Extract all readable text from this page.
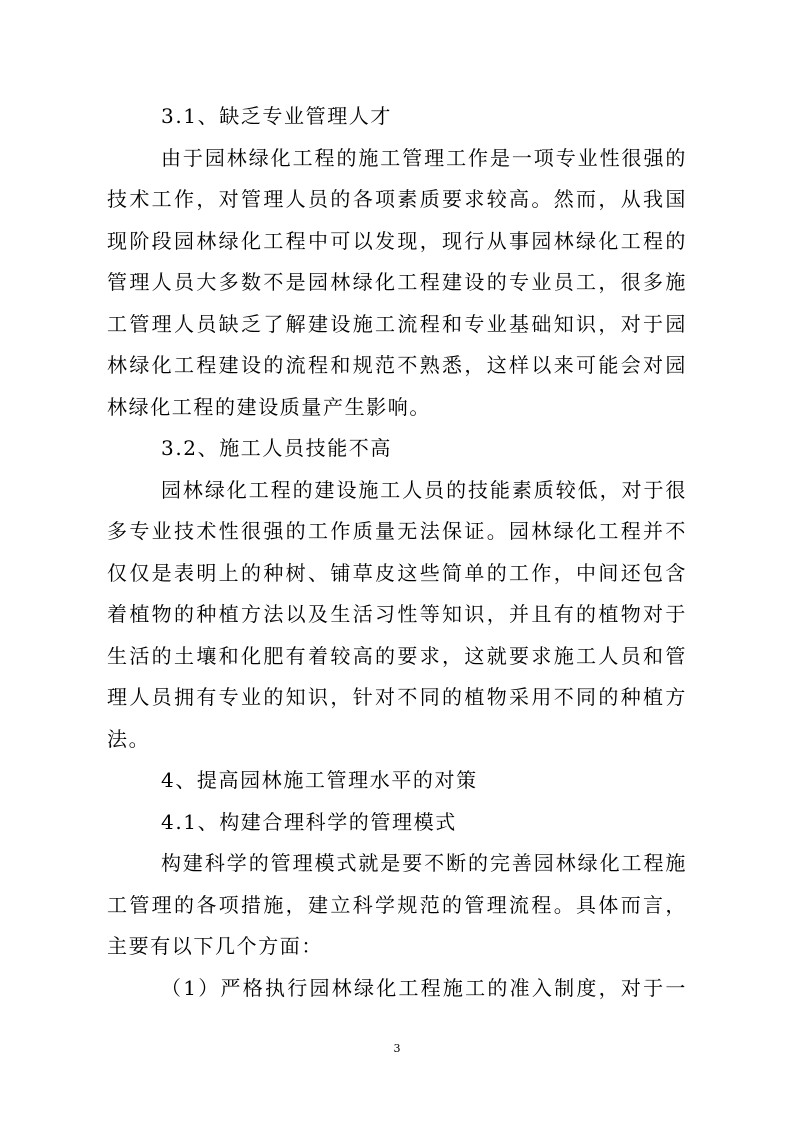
3.1、缺乏专业管理人才
由于园林绿化工程的施工管理工作是一项专业性很强的
技术工作，对管理人员的各项素质要求较高。然而，从我国
现阶段园林绿化工程中可以发现，现行从事园林绿化工程的
管理人员大多数不是园林绿化工程建设的专业员工，很多施
工管理人员缺乏了解建设施工流程和专业基础知识，对于园
林绿化工程建设的流程和规范不熟悉，这样以来可能会对园
林绿化工程的建设质量产生影响。
3.2、施工人员技能不高
园林绿化工程的建设施工人员的技能素质较低，对于很
多专业技术性很强的工作质量无法保证。园林绿化工程并不
仅仅是表明上的种树、铺草皮这些简单的工作，中间还包含
着植物的种植方法以及生活习性等知识，并且有的植物对于
生活的土壤和化肥有着较高的要求，这就要求施工人员和管
理人员拥有专业的知识，针对不同的植物采用不同的种植方
法。
4、提高园林施工管理水平的对策
4.1、构建合理科学的管理模式
构建科学的管理模式就是要不断的完善园林绿化工程施
工管理的各项措施，建立科学规范的管理流程。具体而言，
主要有以下几个方面：
（1）严格执行园林绿化工程施工的准入制度，对于一
3
